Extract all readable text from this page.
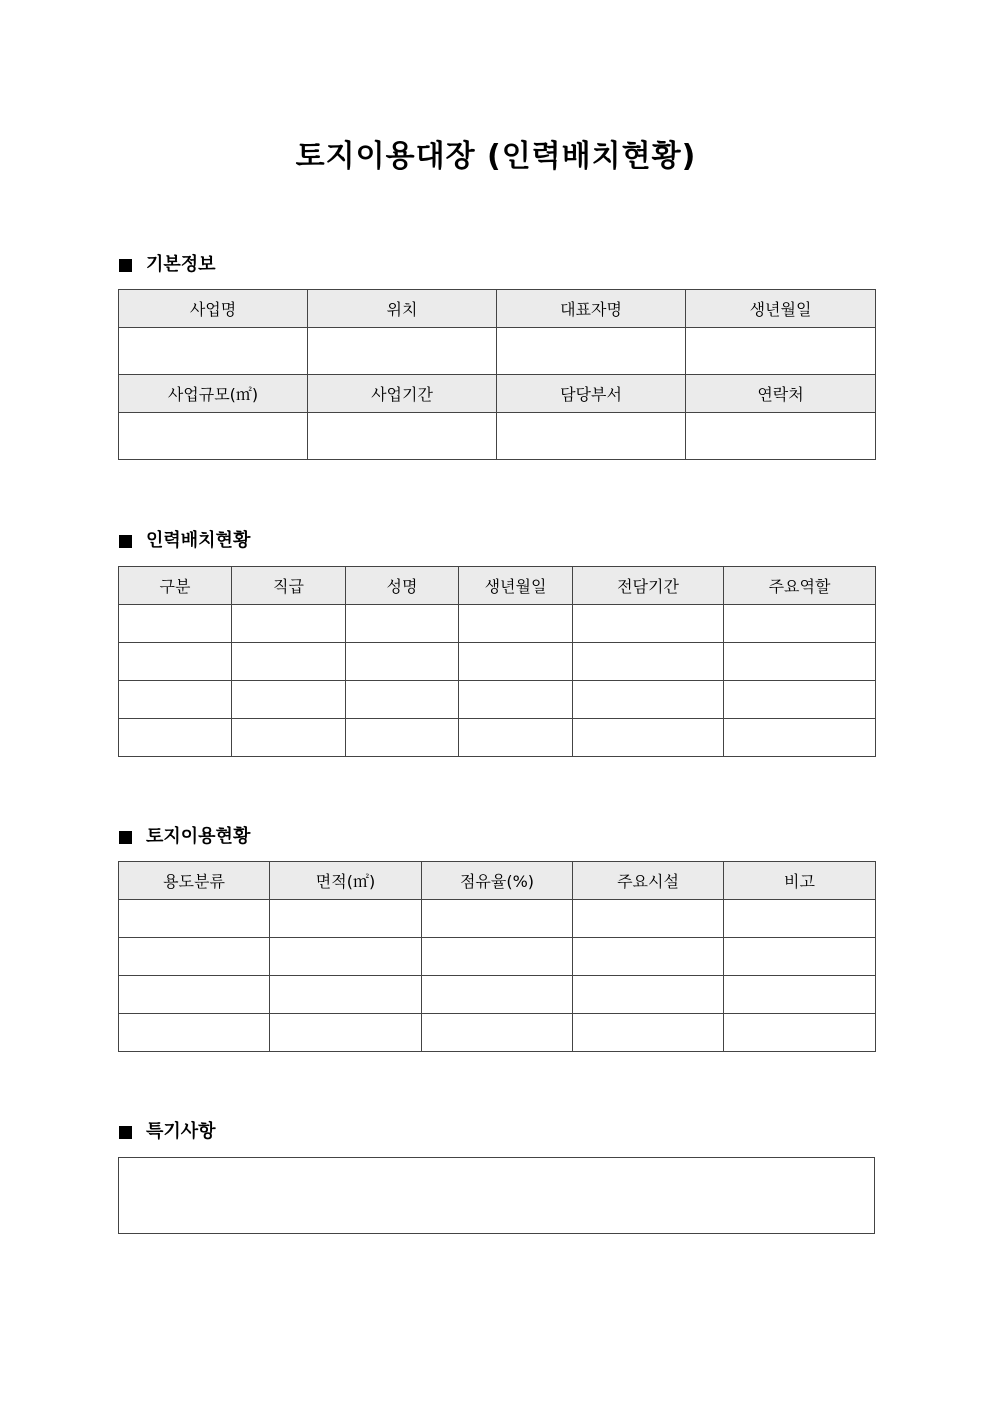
토지이용대장 (인력배치현황)
기본정보
사업명	위치	대표자명	생년월일

사업규모(㎡)	사업기간	담당부서	연락처

인력배치현황
구분	직급	성명	생년월일	전담기간	주요역할

토지이용현황
용도분류	면적(㎡)	점유율(%)	주요시설	비고

특기사항
